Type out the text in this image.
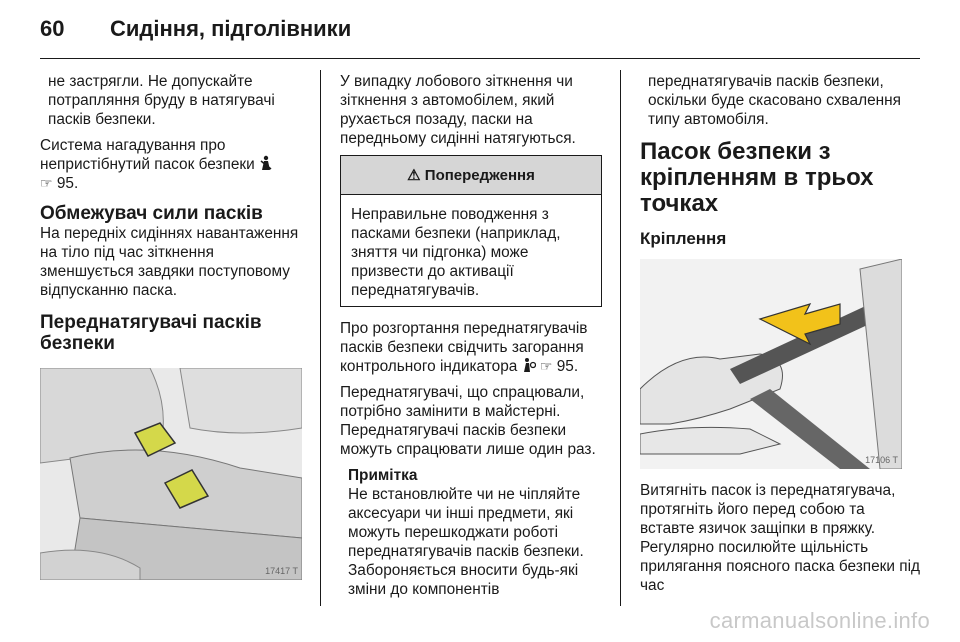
60	Сидіння, підголівники

не застрягли. Не допускайте потрапляння бруду в натягувачі пасків безпеки.

Система нагадування про непристібнутий пасок безпеки
☞ 95.

Обмежувач сили пасків

На передніх сидіннях навантаження на тіло під час зіткнення зменшується завдяки поступовому відпусканню паска.

Переднатягувачі пасків безпеки
17417 T

У випадку лобового зіткнення чи зіткнення з автомобілем, який рухається позаду, паски на передньому сидінні натягуються.

⚠ Попередження

Неправильне поводження з пасками безпеки (наприклад, зняття чи підгонка) може призвести до активації переднатягувачів.

Про розгортання переднатягувачів пасків безпеки свідчить загорання контрольного індикатора ☞ 95.

Переднатягувачі, що спрацювали, потрібно замінити в майстерні. Переднатягувачі пасків безпеки можуть спрацювати лише один раз.

Примітка

Не встановлюйте чи не чіпляйте аксесуари чи інші предмети, які можуть перешкоджати роботі переднатягувачів пасків безпеки. Забороняється вносити будь-які зміни до компонентів

переднатягувачів пасків безпеки, оскільки буде скасовано схвалення типу автомобіля.

Пасок безпеки з кріпленням в трьох точках
Кріплення
17106 T

Витягніть пасок із переднатягувача, протягніть його перед собою та вставте язичок защіпки в пряжку. Регулярно посилюйте щільність прилягання поясного паска безпеки під час

carmanualsonline.info
